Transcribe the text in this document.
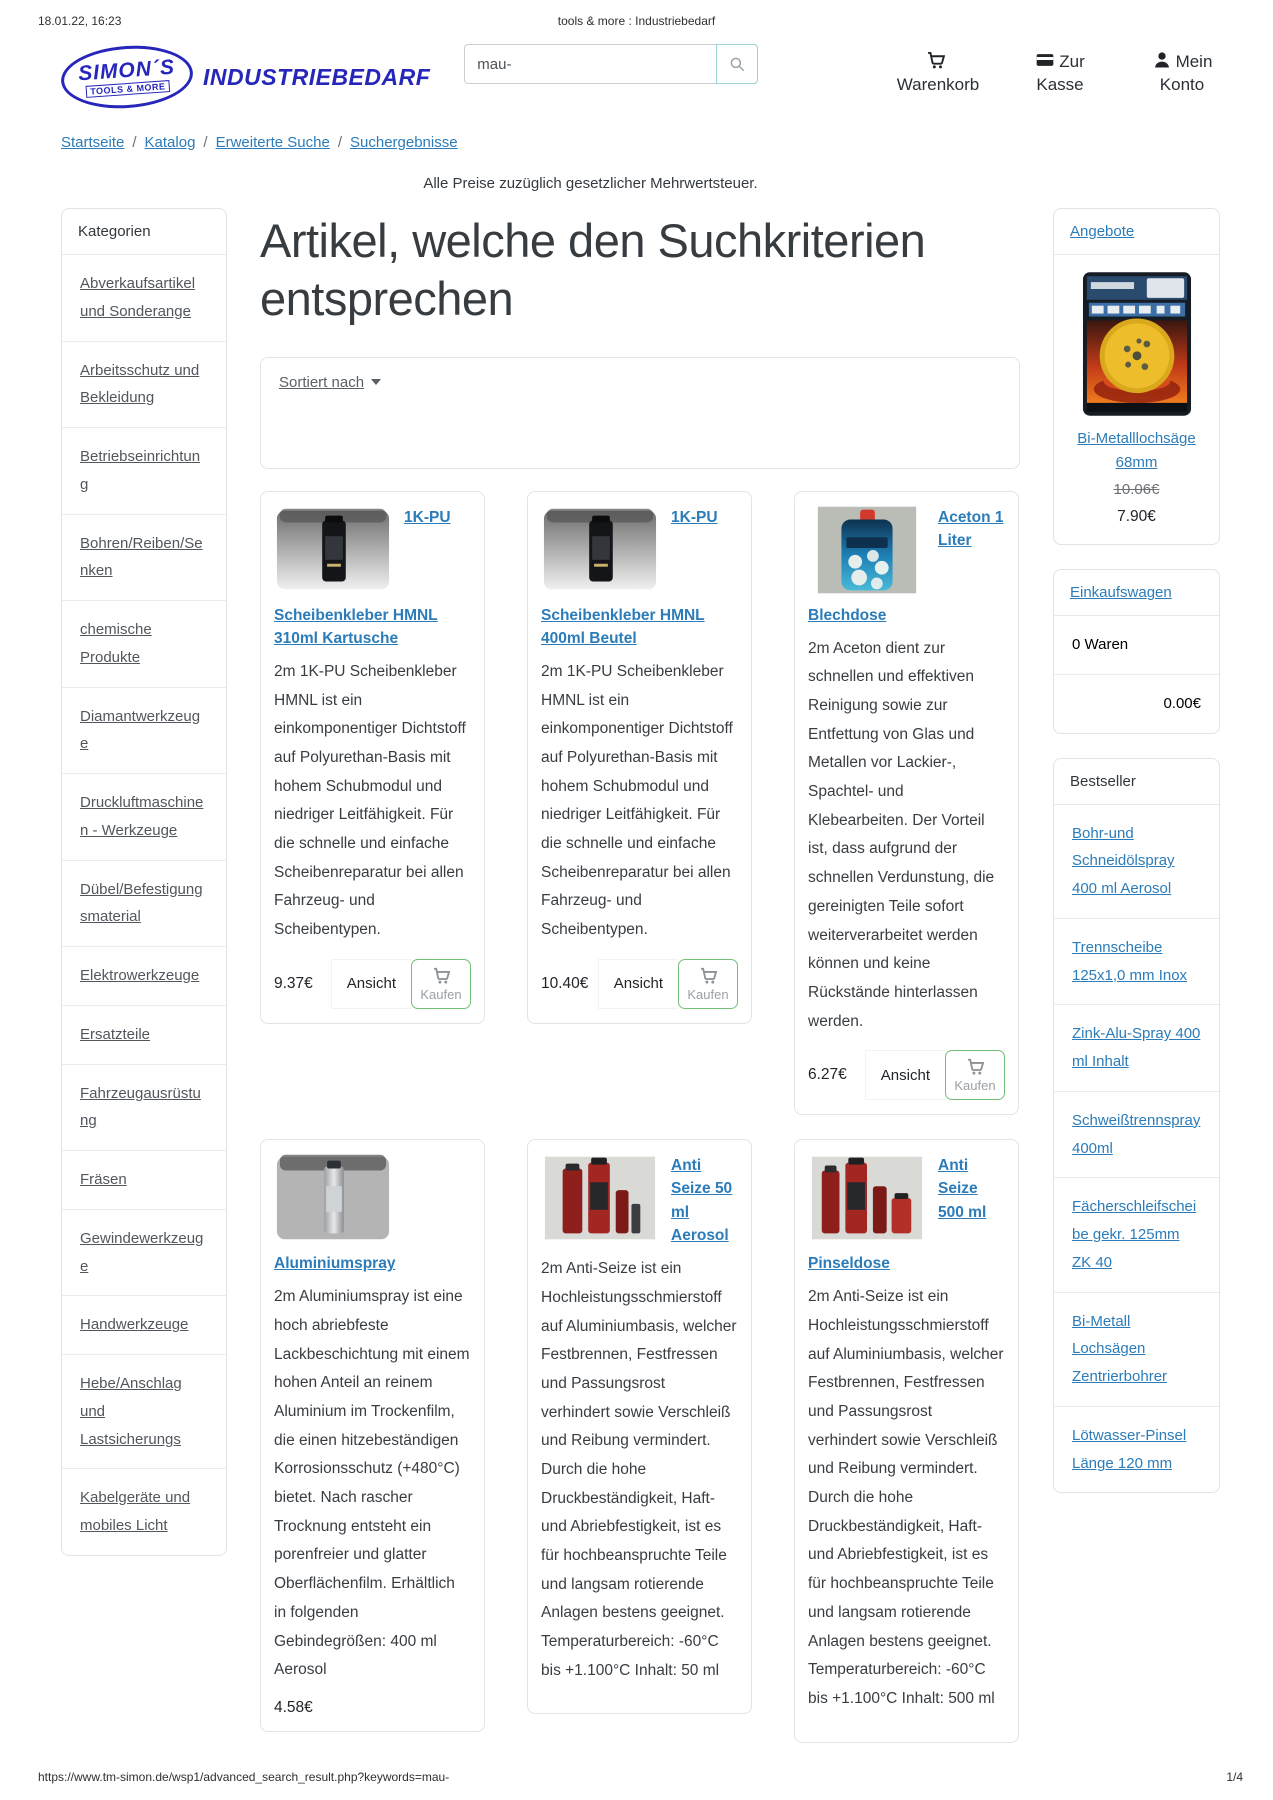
18.01.22, 16:23	tools & more : Industriebedarf
SIMON´S
TOOLS & MORE INDUSTRIEBEDARF
mau-	Warenkorb
Zur Kasse
Mein Konto
Startseite / Katalog / Erweiterte Suche / Suchergebnisse
Alle Preise zuzüglich gesetzlicher Mehrwertsteuer.
Kategorien
Abverkaufsartikel und Sonderange
Arbeitsschutz und Bekleidung
Betriebseinrichtung
Bohren/Reiben/Senken
chemische Produkte
Diamantwerkzeuge
Druckluftmaschinen - Werkzeuge
Dübel/Befestigungsmaterial
Elektrowerkzeuge
Ersatzteile
Fahrzeugausrüstung
Fräsen
Gewindewerkzeuge
Handwerkzeuge
Hebe/Anschlag und Lastsicherungs
Kabelgeräte und mobiles Licht
Artikel, welche den Suchkriterien entsprechen
Sortiert nach
1K-PU
Scheibenkleber HMNL 310ml Kartusche

2m 1K-PU Scheibenkleber HMNL ist ein einkomponentiger Dichtstoff auf Polyurethan-Basis mit hohem Schubmodul und niedriger Leitfähigkeit. Für die schnelle und einfache Scheibenreparatur bei allen Fahrzeug- und Scheibentypen.

9.37€	Ansicht
Kaufen
1K-PU
Scheibenkleber HMNL 400ml Beutel

2m 1K-PU Scheibenkleber HMNL ist ein einkomponentiger Dichtstoff auf Polyurethan-Basis mit hohem Schubmodul und niedriger Leitfähigkeit. Für die schnelle und einfache Scheibenreparatur bei allen Fahrzeug- und Scheibentypen.

10.40€	Ansicht
Kaufen
Aceton 1 Liter
Blechdose

2m Aceton dient zur schnellen und effektiven Reinigung sowie zur Entfettung von Glas und Metallen vor Lackier-, Spachtel- und Klebearbeiten. Der Vorteil ist, dass aufgrund der schnellen Verdunstung, die gereinigten Teile sofort weiterverarbeitet werden können und keine Rückstände hinterlassen werden.

6.27€	Ansicht
Kaufen
Aluminiumspray

2m Aluminiumspray ist eine hoch abriebfeste Lackbeschichtung mit einem hohen Anteil an reinem Aluminium im Trockenfilm, die einen hitzebeständigen Korrosionsschutz (+480°C) bietet. Nach rascher Trocknung entsteht ein porenfreier und glatter Oberflächenfilm. Erhältlich in folgenden Gebindegrößen: 400 ml Aerosol

4.58€
Anti Seize 50 ml Aerosol

2m Anti-Seize ist ein Hochleistungsschmierstoff auf Aluminiumbasis, welcher Festbrennen, Festfressen und Passungsrost verhindert sowie Verschleiß und Reibung vermindert. Durch die hohe Druckbeständigkeit, Haft- und Abriebfestigkeit, ist es für hochbeanspruchte Teile und langsam rotierende Anlagen bestens geeignet. Temperaturbereich: -60°C bis +1.100°C Inhalt: 50 ml

Anti Seize 500 ml
Pinseldose

2m Anti-Seize ist ein Hochleistungsschmierstoff auf Aluminiumbasis, welcher Festbrennen, Festfressen und Passungsrost verhindert sowie Verschleiß und Reibung vermindert. Durch die hohe Druckbeständigkeit, Haft- und Abriebfestigkeit, ist es für hochbeanspruchte Teile und langsam rotierende Anlagen bestens geeignet. Temperaturbereich: -60°C bis +1.100°C Inhalt: 500 ml

Angebote
Bi-Metalllochsäge 68mm
10.06€
7.90€
Einkaufswagen
0 Waren
0.00€
Bestseller
Bohr-und Schneidölspray 400 ml Aerosol
Trennscheibe 125x1,0 mm Inox
Zink-Alu-Spray 400 ml Inhalt
Schweißtrennspray 400ml
Fächerschleifscheibe gekr. 125mm ZK 40
Bi-Metall Lochsägen Zentrierbohrer
Lötwasser-Pinsel Länge 120 mm
https://www.tm-simon.de/wsp1/advanced_search_result.php?keywords=mau-	1/4
